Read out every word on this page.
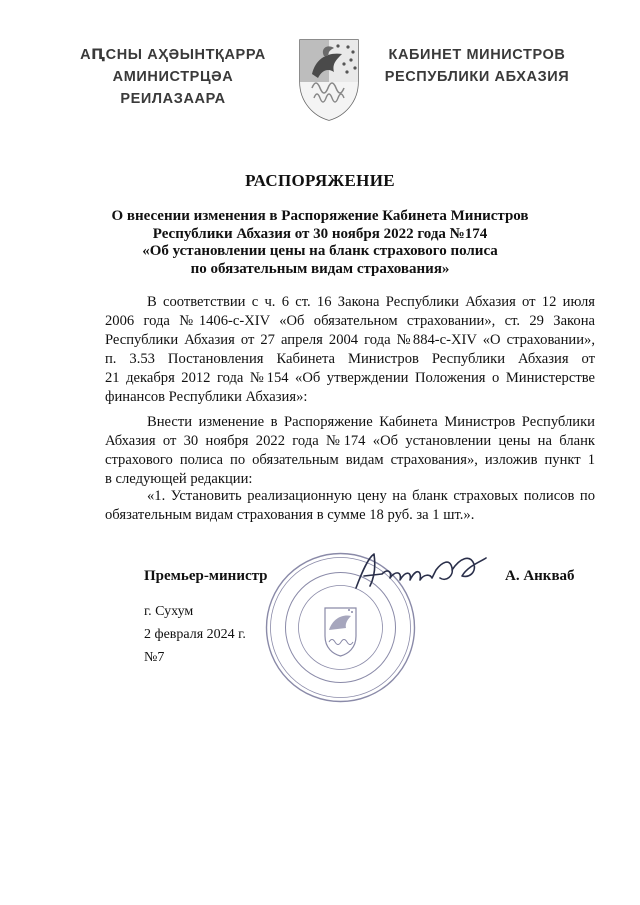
АԤСНЫ АҲӘЫНТҚАРРА
АМИНИСТРЦӘА РЕИЛАЗААРА
КАБИНЕТ МИНИСТРОВ
РЕСПУБЛИКИ АБХАЗИЯ
РАСПОРЯЖЕНИЕ
О внесении изменения в Распоряжение Кабинета Министров
Республики Абхазия от 30 ноября 2022 года №174
«Об установлении цены на бланк страхового полиса
по обязательным видам страхования»
В соответствии с ч. 6 ст. 16 Закона Республики Абхазия от 12 июля
2006 года №1406-с-XIV «Об обязательном страховании», ст. 29 Закона
Республики Абхазия от 27 апреля 2004 года №884-с-XIV «О страховании»,
п. 3.53 Постановления Кабинета Министров Республики Абхазия от
21 декабря 2012 года №154 «Об утверждении Положения о Министерстве
финансов Республики Абхазия»:
Внести изменение в Распоряжение Кабинета Министров Республики
Абхазия от 30 ноября 2022 года №174 «Об установлении цены на бланк
страхового полиса по обязательным видам страхования», изложив пункт 1
в следующей редакции:
«1. Установить реализационную цену на бланк страховых полисов по
обязательным видам страхования в сумме 18 руб. за 1 шт.».
Премьер-министр	А. Анкваб
г. Сухум
2 февраля 2024 г.
№7
